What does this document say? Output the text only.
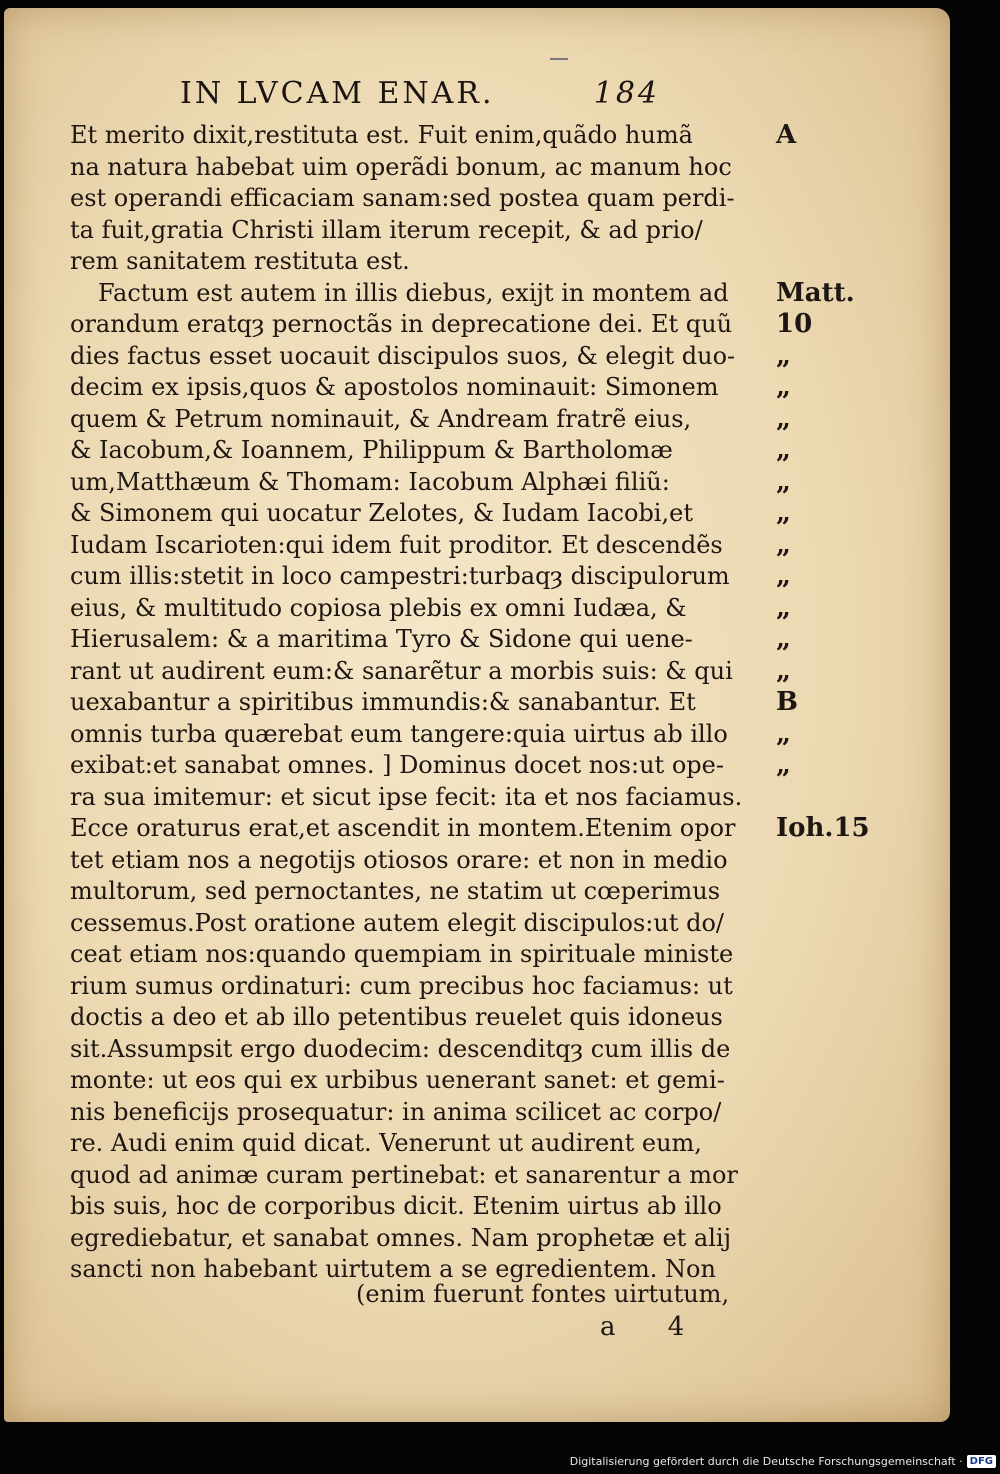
IN LVCAM ENAR.	184
Et merito dixit,restituta est. Fuit enim,quãdo humã
na natura habebat uim operãdi bonum, ac manum hoc
est operandi efficaciam sanam:sed postea quam perdi-
ta fuit,gratia Christi illam iterum recepit, & ad prio/
rem sanitatem restituta est.
Factum est autem in illis diebus, exijt in montem ad
orandum eratqȝ pernoctãs in deprecatione dei. Et quũ
dies factus esset uocauit discipulos suos, & elegit duo-
decim ex ipsis,quos & apostolos nominauit: Simonem
quem & Petrum nominauit, & Andream fratrẽ eius,
& Iacobum,& Ioannem, Philippum & Bartholomæ
um,Matthæum & Thomam: Iacobum Alphæi filiũ:
& Simonem qui uocatur Zelotes, & Iudam Iacobi,et
Iudam Iscarioten:qui idem fuit proditor. Et descendẽs
cum illis:stetit in loco campestri:turbaqȝ discipulorum
eius, & multitudo copiosa plebis ex omni Iudæa, &
Hierusalem: & a maritima Tyro & Sidone qui uene-
rant ut audirent eum:& sanarẽtur a morbis suis: & qui
uexabantur a spiritibus immundis:& sanabantur. Et
omnis turba quærebat eum tangere:quia uirtus ab illo
exibat:et sanabat omnes. ] Dominus docet nos:ut ope-
ra sua imitemur: et sicut ipse fecit: ita et nos faciamus.
Ecce oraturus erat,et ascendit in montem.Etenim opor
tet etiam nos a negotijs otiosos orare: et non in medio
multorum, sed pernoctantes, ne statim ut cœperimus
cessemus.Post oratione autem elegit discipulos:ut do/
ceat etiam nos:quando quempiam in spirituale ministe
rium sumus ordinaturi: cum precibus hoc faciamus: ut
doctis a deo et ab illo petentibus reuelet quis idoneus
sit.Assumpsit ergo duodecim: descenditqȝ cum illis de
monte: ut eos qui ex urbibus uenerant sanet: et gemi-
nis beneficijs prosequatur: in anima scilicet ac corpo/
re. Audi enim quid dicat. Venerunt ut audirent eum,
quod ad animæ curam pertinebat: et sanarentur a mor
bis suis, hoc de corporibus dicit. Etenim uirtus ab illo
egrediebatur, et sanabat omnes. Nam prophetæ et alij
sancti non habebant uirtutem a se egredientem. Non
A
Matt.
10
„
„
„
„
„
„
„
„
„
„
„
B
„
„
Ioh.15
(enim fuerunt fontes uirtutum,
a 4
Digitalisierung gefördert durch die Deutsche Forschungsgemeinschaft · DFG
